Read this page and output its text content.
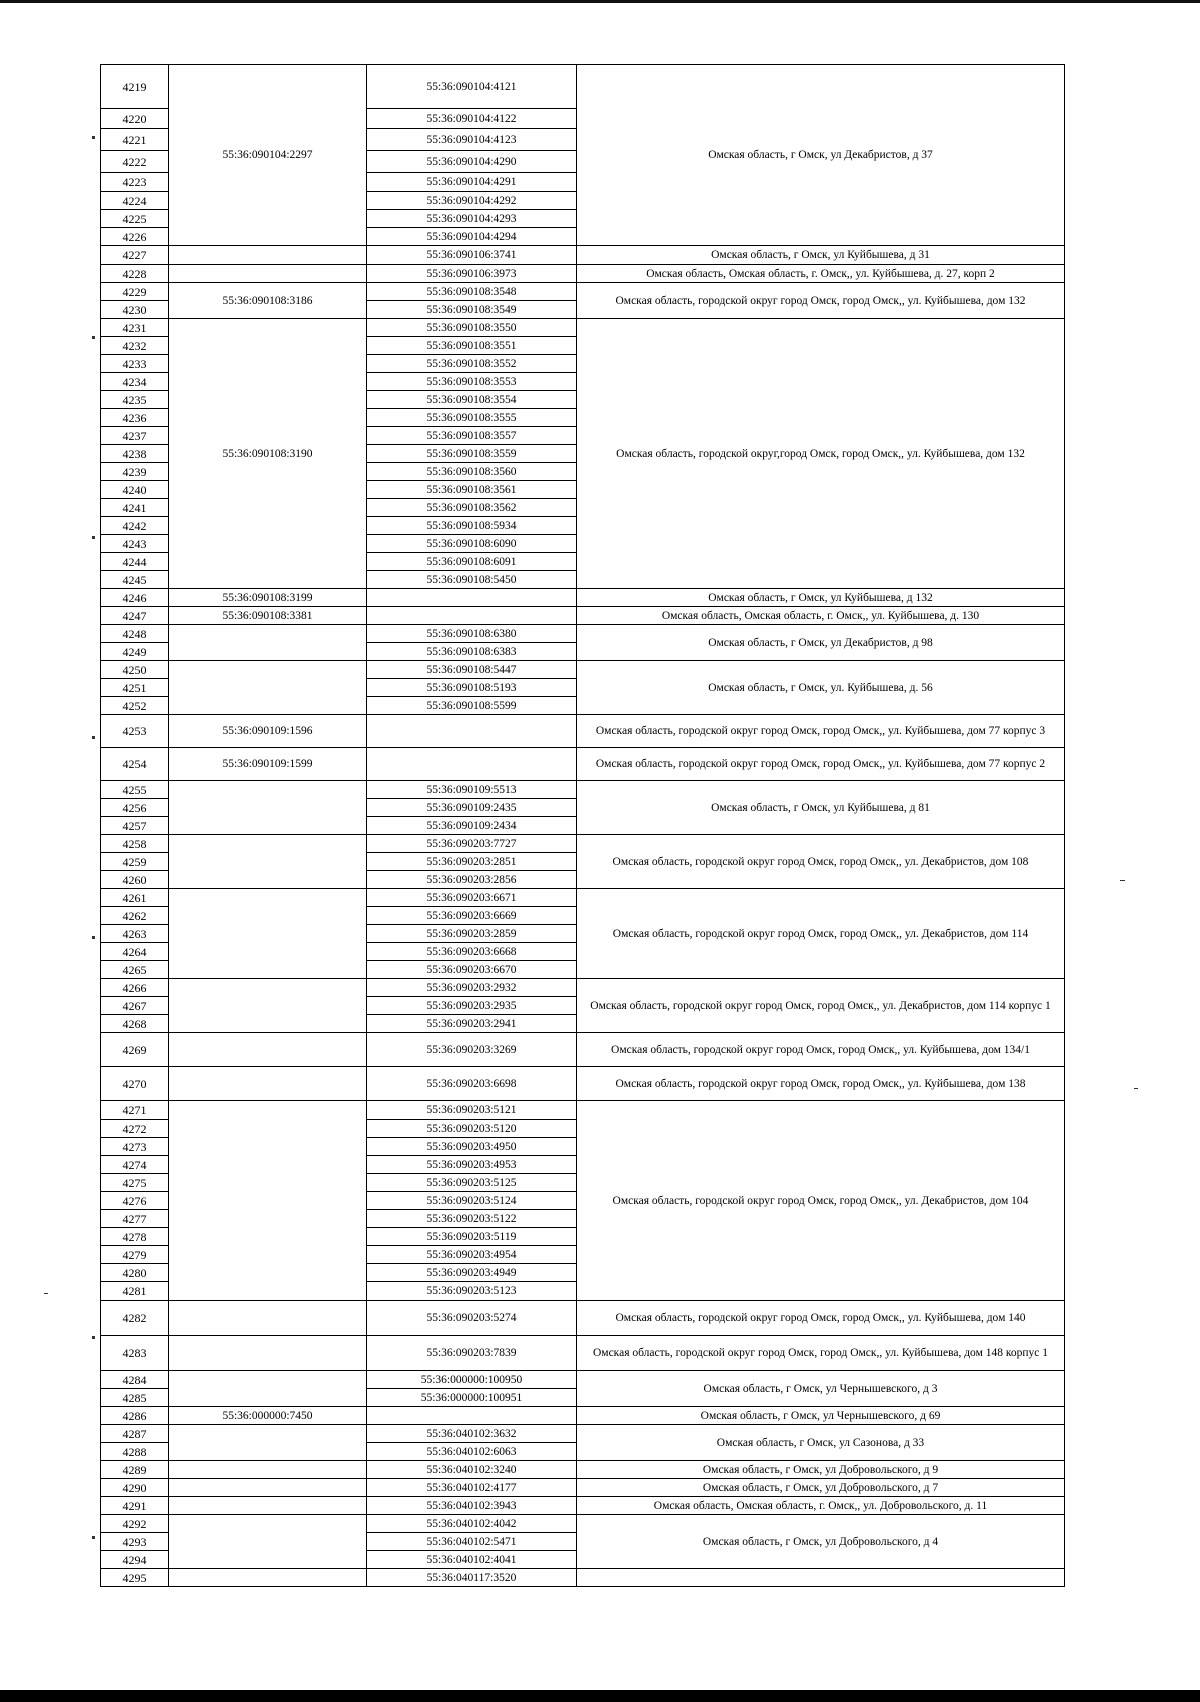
4219	55:36:090104:2297	55:36:090104:4121	Омская область, г Омск, ул Декабристов, д 37
4220		55:36:090104:4122	
4221		55:36:090104:4123	
4222		55:36:090104:4290	
4223		55:36:090104:4291	
4224		55:36:090104:4292	
4225		55:36:090104:4293	
4226		55:36:090104:4294	
4227		55:36:090106:3741	Омская область, г Омск, ул Куйбышева, д 31
4228		55:36:090106:3973	Омская область, Омская область, г. Омск,, ул. Куйбышева, д. 27, корп 2
4229	55:36:090108:3186	55:36:090108:3548	Омская область, городской округ город Омск, город Омск,, ул. Куйбышева, дом 132
4230		55:36:090108:3549	
4231	55:36:090108:3190	55:36:090108:3550	Омская область, городской округ,город Омск, город Омск,, ул. Куйбышева, дом 132
4232		55:36:090108:3551	
4233		55:36:090108:3552	
4234		55:36:090108:3553	
4235		55:36:090108:3554	
4236		55:36:090108:3555	
4237		55:36:090108:3557	
4238		55:36:090108:3559	
4239		55:36:090108:3560	
4240		55:36:090108:3561	
4241		55:36:090108:3562	
4242		55:36:090108:5934	
4243		55:36:090108:6090	
4244		55:36:090108:6091	
4245		55:36:090108:5450	
4246	55:36:090108:3199		Омская область, г Омск, ул Куйбышева, д 132
4247	55:36:090108:3381		Омская область, Омская область, г. Омск,, ул. Куйбышева, д. 130
4248		55:36:090108:6380	Омская область, г Омск, ул Декабристов, д 98
4249		55:36:090108:6383	
4250		55:36:090108:5447	Омская область, г Омск, ул. Куйбышева, д. 56
4251		55:36:090108:5193	
4252		55:36:090108:5599	
4253	55:36:090109:1596		Омская область, городской округ город Омск, город Омск,, ул. Куйбышева, дом 77 корпус 3
4254	55:36:090109:1599		Омская область, городской округ город Омск, город Омск,, ул. Куйбышева, дом 77 корпус 2
4255		55:36:090109:5513	Омская область, г Омск, ул Куйбышева, д 81
4256		55:36:090109:2435	
4257		55:36:090109:2434	
4258		55:36:090203:7727	Омская область, городской округ город Омск, город Омск,, ул. Декабристов, дом 108
4259		55:36:090203:2851	
4260		55:36:090203:2856	
4261		55:36:090203:6671	Омская область, городской округ город Омск, город Омск,, ул. Декабристов, дом 114
4262		55:36:090203:6669	
4263		55:36:090203:2859	
4264		55:36:090203:6668	
4265		55:36:090203:6670	
4266		55:36:090203:2932	Омская область, городской округ город Омск, город Омск,, ул. Декабристов, дом 114 корпус 1
4267		55:36:090203:2935	
4268		55:36:090203:2941	
4269		55:36:090203:3269	Омская область, городской округ город Омск, город Омск,, ул. Куйбышева, дом 134/1
4270		55:36:090203:6698	Омская область, городской округ город Омск, город Омск,, ул. Куйбышева, дом 138
4271		55:36:090203:5121	Омская область, городской округ город Омск, город Омск,, ул. Декабристов, дом 104
4272		55:36:090203:5120	
4273		55:36:090203:4950	
4274		55:36:090203:4953	
4275		55:36:090203:5125	
4276		55:36:090203:5124	
4277		55:36:090203:5122	
4278		55:36:090203:5119	
4279		55:36:090203:4954	
4280		55:36:090203:4949	
4281		55:36:090203:5123	
4282		55:36:090203:5274	Омская область, городской округ город Омск, город Омск,, ул. Куйбышева, дом 140
4283		55:36:090203:7839	Омская область, городской округ город Омск, город Омск,, ул. Куйбышева, дом 148 корпус 1
4284		55:36:000000:100950	Омская область, г Омск, ул Чернышевского, д 3
4285		55:36:000000:100951	
4286	55:36:000000:7450		Омская область, г Омск, ул Чернышевского, д 69
4287		55:36:040102:3632	Омская область, г Омск, ул Сазонова, д 33
4288		55:36:040102:6063	
4289		55:36:040102:3240	Омская область, г Омск, ул Добровольского, д 9
4290		55:36:040102:4177	Омская область, г Омск, ул Добровольского, д 7
4291		55:36:040102:3943	Омская область, Омская область, г. Омск,, ул. Добровольского, д. 11
4292		55:36:040102:4042	Омская область, г Омск, ул Добровольского, д 4
4293		55:36:040102:5471	
4294		55:36:040102:4041	
4295		55:36:040117:3520	
